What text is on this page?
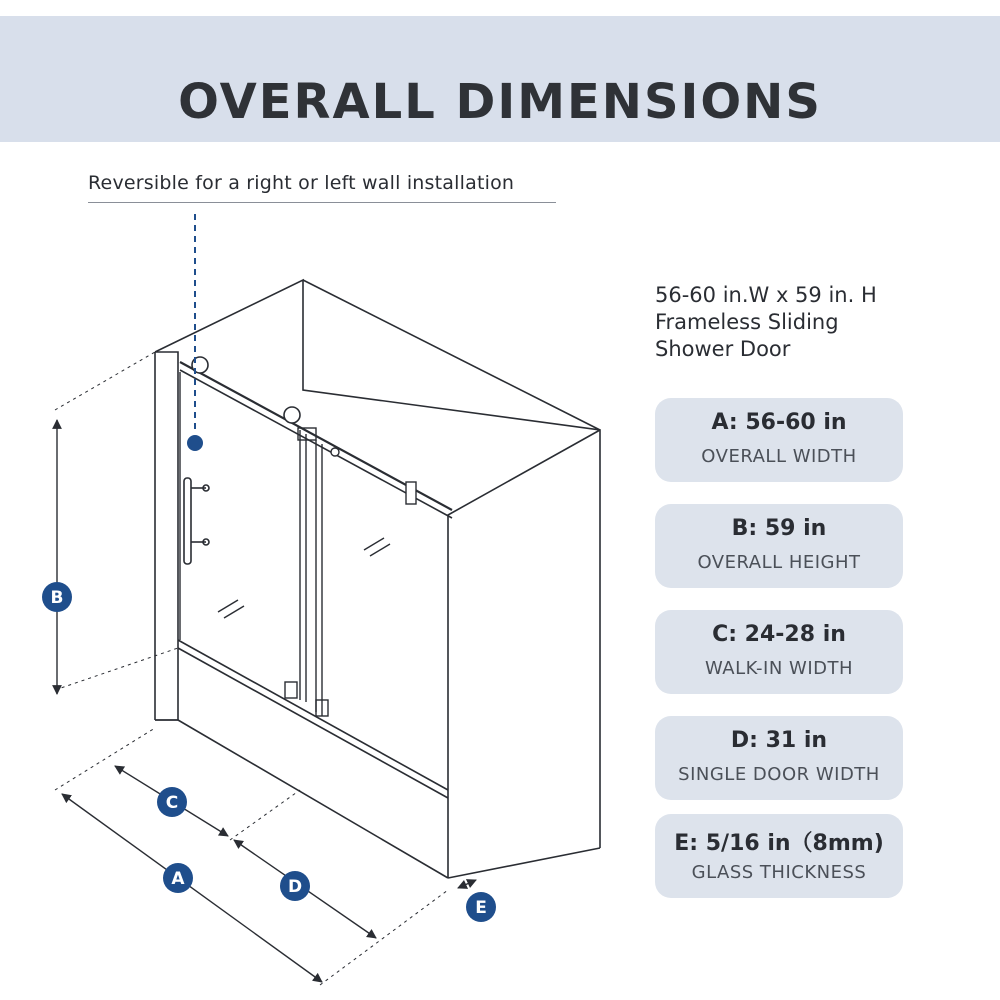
OVERALL DIMENSIONS
Reversible for a right or left wall installation
56-60 in.W x 59 in. H
Frameless Sliding
Shower Door
A: 56-60 in
OVERALL WIDTH
B: 59 in
OVERALL HEIGHT
C: 24-28 in
WALK-IN WIDTH
D: 31 in
SINGLE DOOR WIDTH
E: 5/16 in（8mm)
GLASS THICKNESS
B
C
A	D
E
